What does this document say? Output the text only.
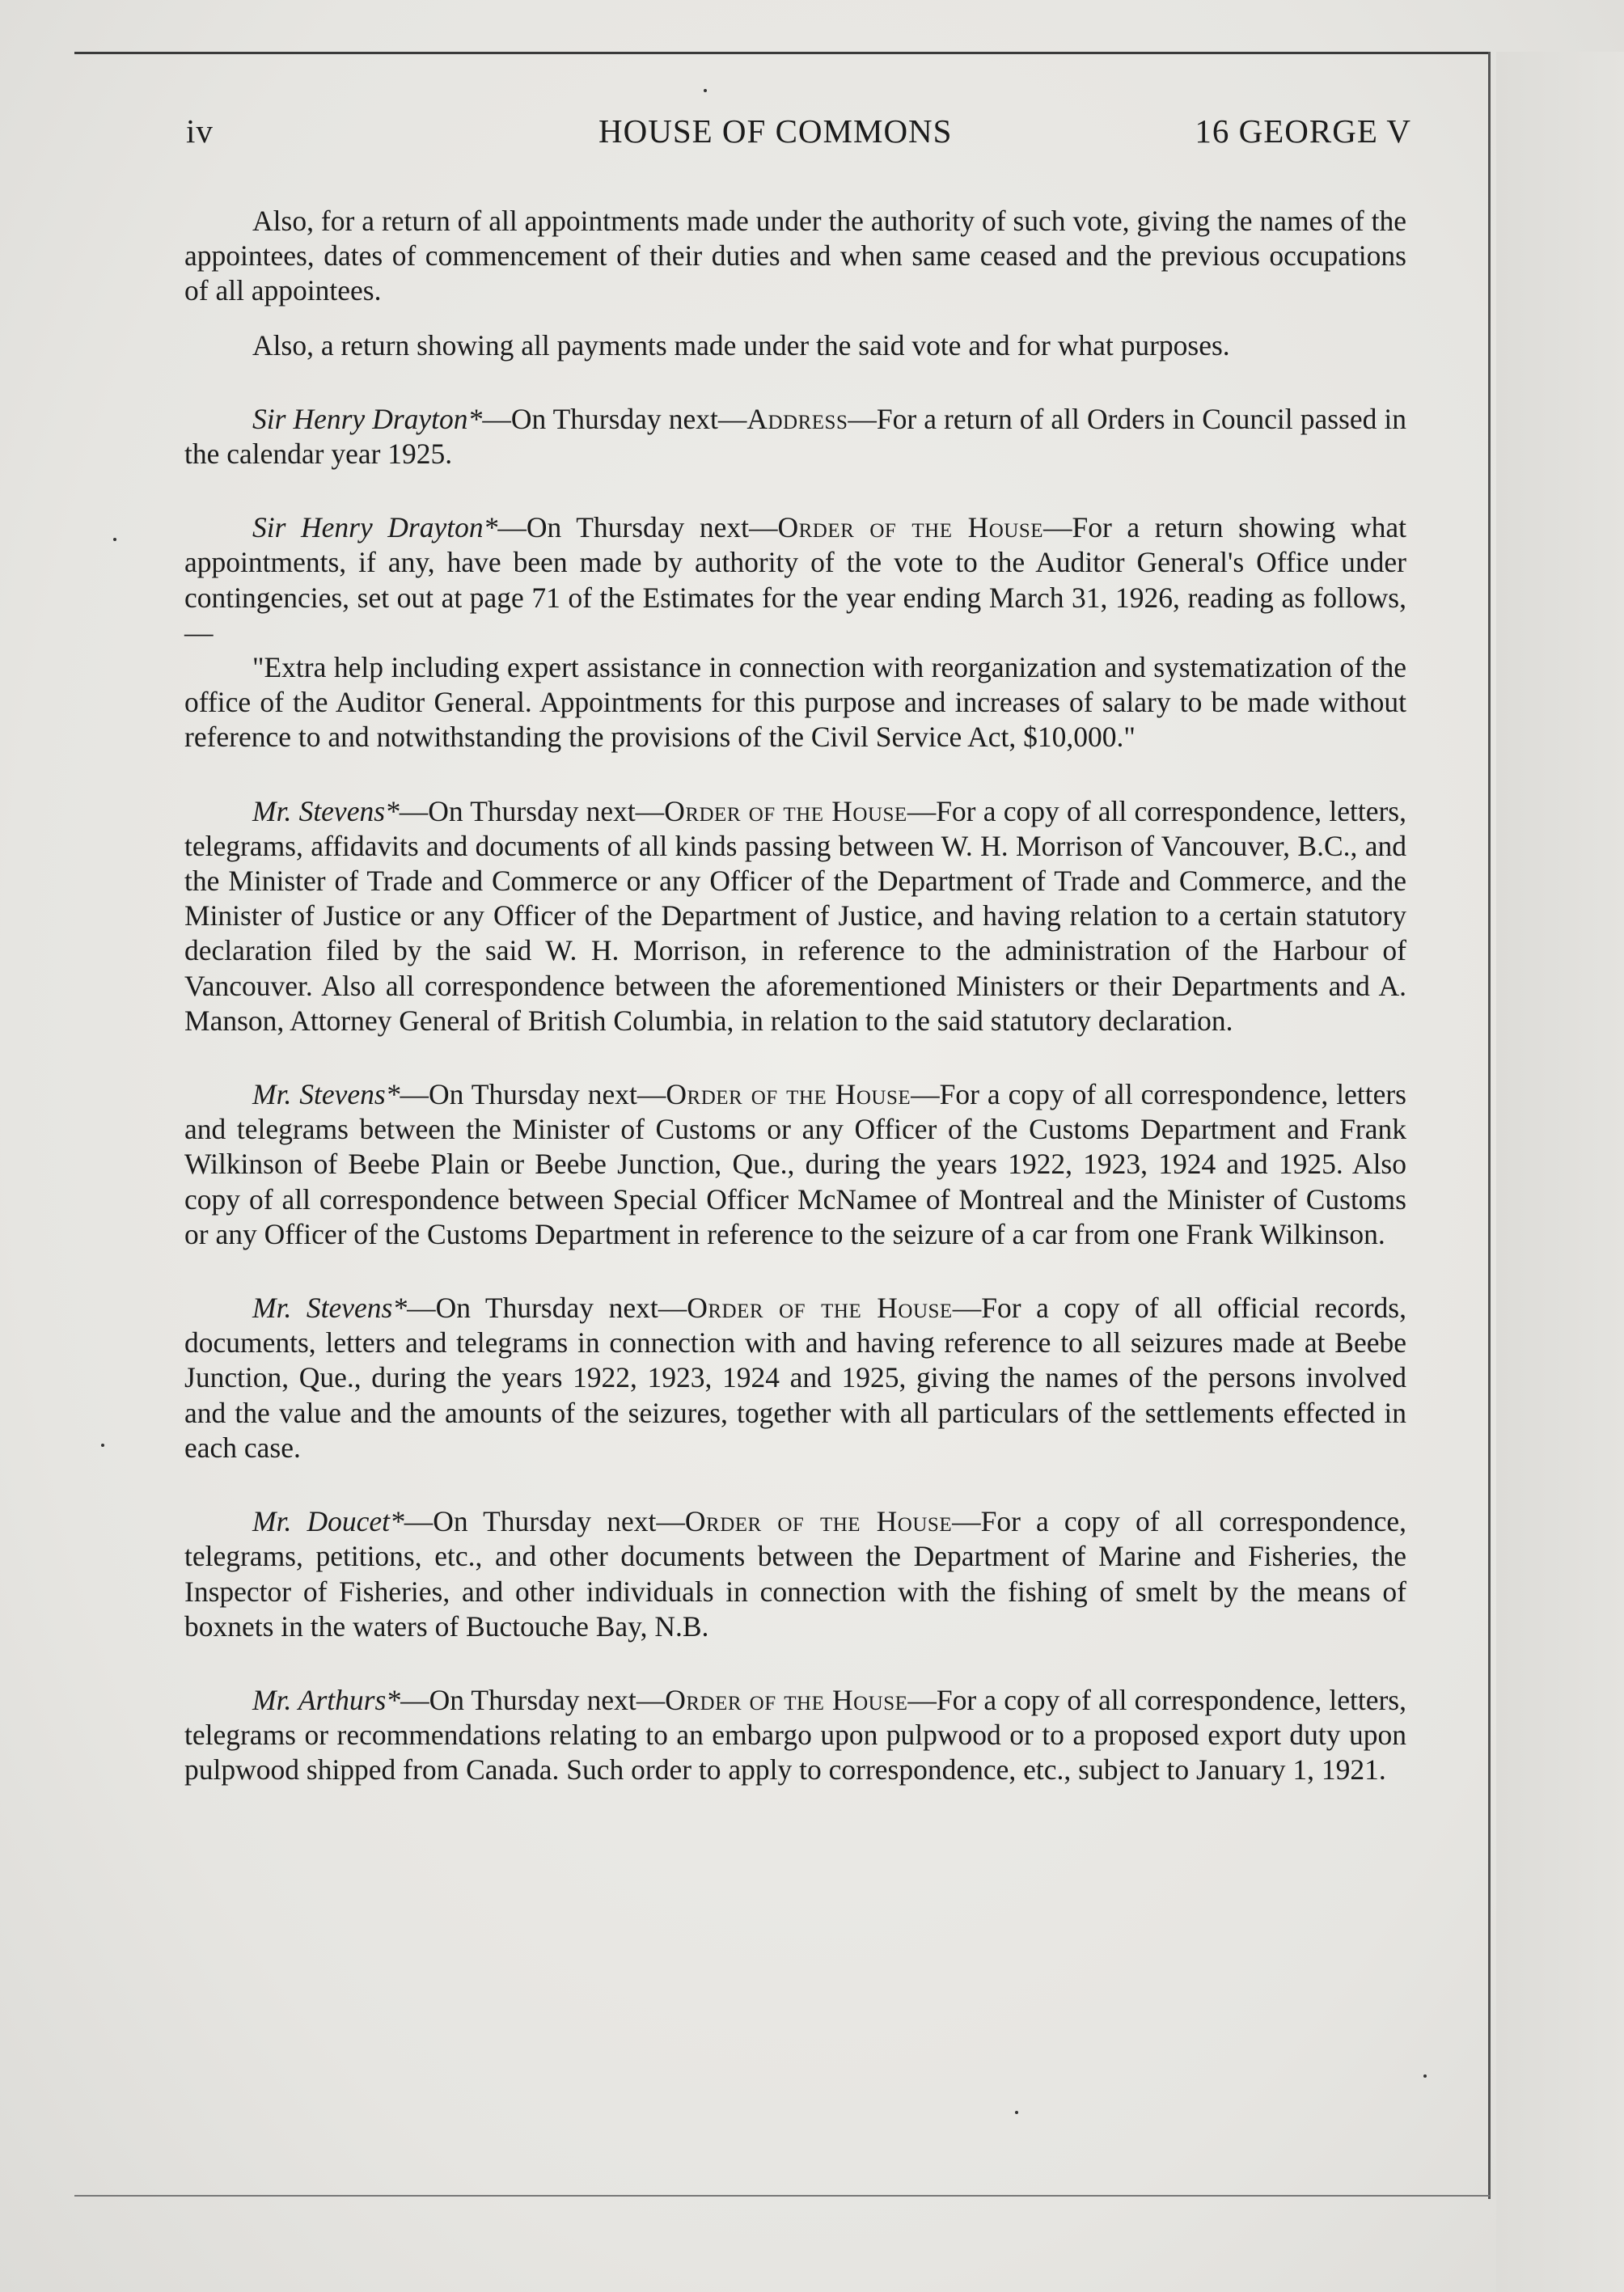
iv	HOUSE OF COMMONS	16 GEORGE V

Also, for a return of all appointments made under the authority of such vote, giving the names of the appointees, dates of commencement of their duties and when same ceased and the previous occupations of all appointees.

Also, a return showing all payments made under the said vote and for what purposes.

Sir Henry Drayton*—On Thursday next—Address—For a return of all Orders in Council passed in the calendar year 1925.

Sir Henry Drayton*—On Thursday next—Order of the House—For a return showing what appointments, if any, have been made by authority of the vote to the Auditor General's Office under contingencies, set out at page 71 of the Estimates for the year ending March 31, 1926, reading as follows,—

"Extra help including expert assistance in connection with reorganization and systematization of the office of the Auditor General. Appointments for this purpose and increases of salary to be made without reference to and notwithstanding the provisions of the Civil Service Act, $10,000."

Mr. Stevens*—On Thursday next—Order of the House—For a copy of all correspondence, letters, telegrams, affidavits and documents of all kinds passing between W. H. Morrison of Vancouver, B.C., and the Minister of Trade and Commerce or any Officer of the Department of Trade and Commerce, and the Minister of Justice or any Officer of the Department of Justice, and having relation to a certain statutory declaration filed by the said W. H. Morrison, in reference to the administration of the Harbour of Vancouver. Also all correspondence between the aforementioned Ministers or their Departments and A. Manson, Attorney General of British Columbia, in relation to the said statutory declaration.

Mr. Stevens*—On Thursday next—Order of the House—For a copy of all correspondence, letters and telegrams between the Minister of Customs or any Officer of the Customs Department and Frank Wilkinson of Beebe Plain or Beebe Junction, Que., during the years 1922, 1923, 1924 and 1925. Also copy of all correspondence between Special Officer McNamee of Montreal and the Minister of Customs or any Officer of the Customs Department in reference to the seizure of a car from one Frank Wilkinson.

Mr. Stevens*—On Thursday next—Order of the House—For a copy of all official records, documents, letters and telegrams in connection with and having reference to all seizures made at Beebe Junction, Que., during the years 1922, 1923, 1924 and 1925, giving the names of the persons involved and the value and the amounts of the seizures, together with all particulars of the settlements effected in each case.

Mr. Doucet*—On Thursday next—Order of the House—For a copy of all correspondence, telegrams, petitions, etc., and other documents between the Department of Marine and Fisheries, the Inspector of Fisheries, and other individuals in connection with the fishing of smelt by the means of boxnets in the waters of Buctouche Bay, N.B.

Mr. Arthurs*—On Thursday next—Order of the House—For a copy of all correspondence, letters, telegrams or recommendations relating to an embargo upon pulpwood or to a proposed export duty upon pulpwood shipped from Canada. Such order to apply to correspondence, etc., subject to January 1, 1921.
